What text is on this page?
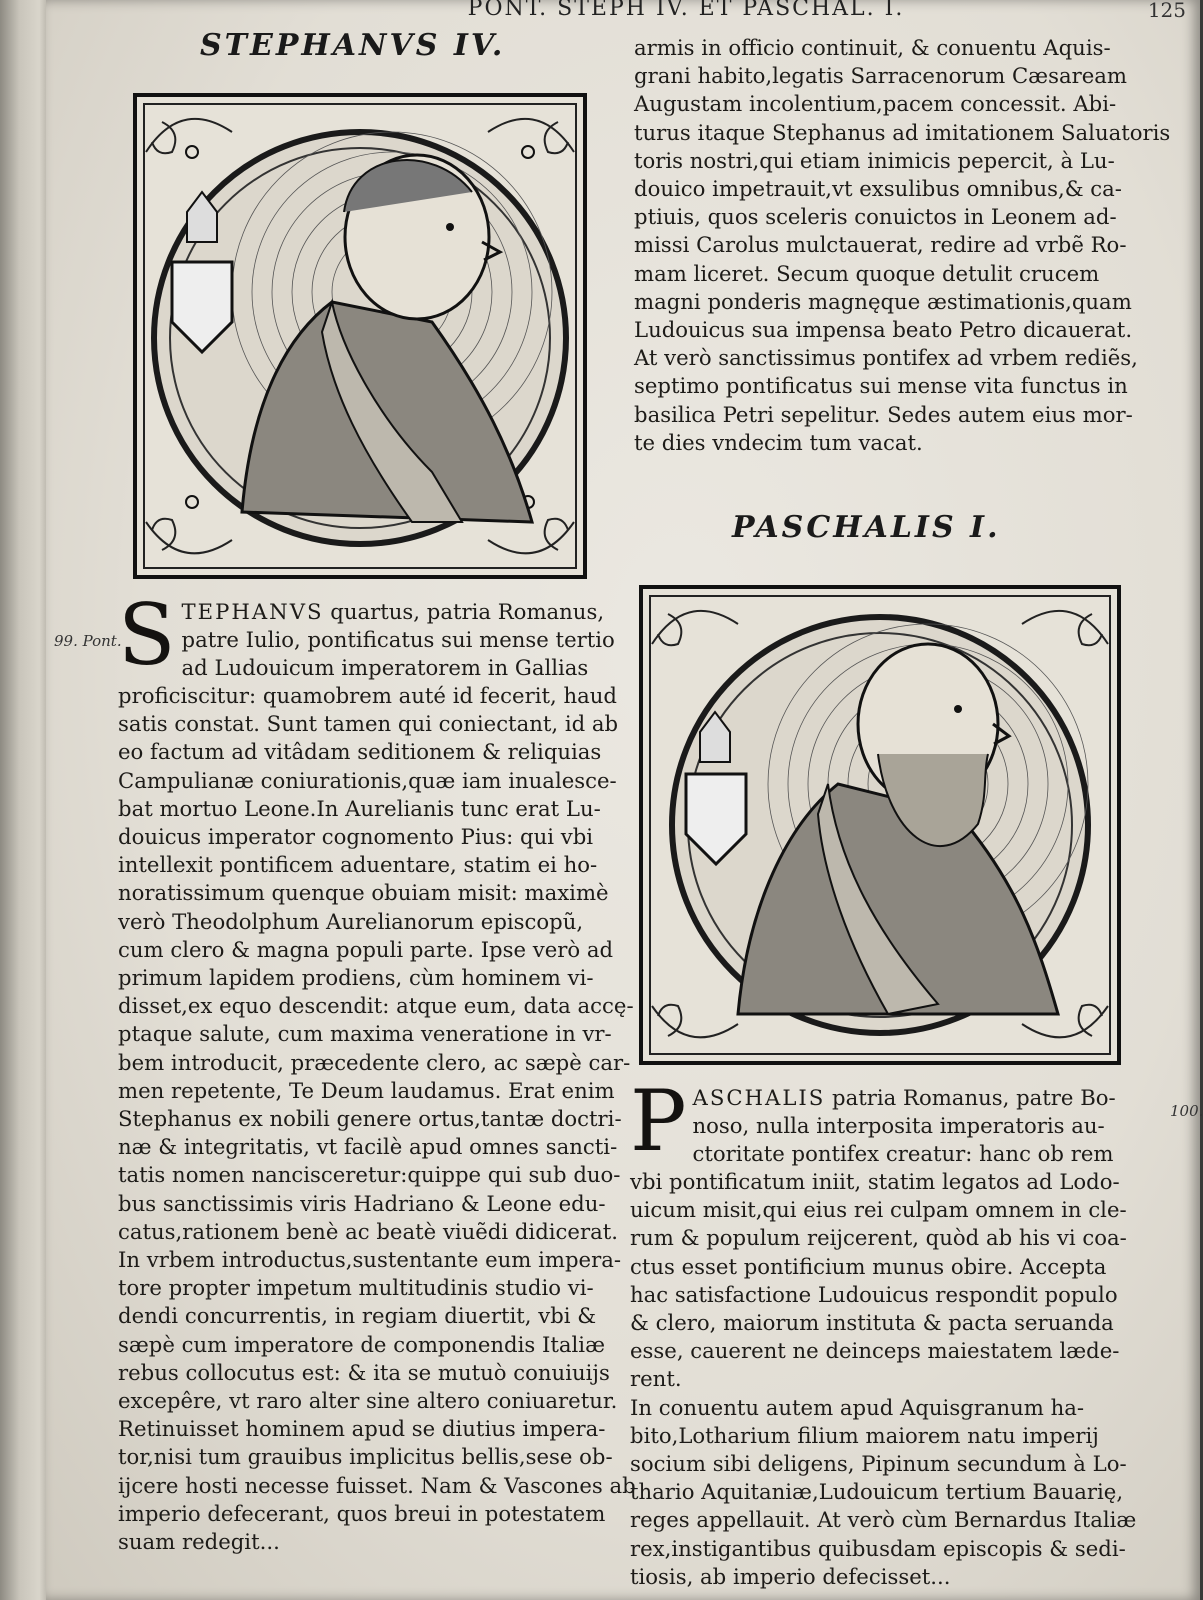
PONT. STEPH IV. ET PASCHAL. I.	125
STEPHANVS IV.
S TEPHANVS quartus, patria Romanus,
patre Iulio, pontificatus sui mense tertio
ad Ludouicum imperatorem in Gallias
proficiscitur: quamobrem auté id fecerit, haud
satis constat. Sunt tamen qui coniectant, id ab
eo factum ad vitâdam seditionem & reliquias
Campulianæ coniurationis,quæ iam inualesce-
bat mortuo Leone.In Aurelianis tunc erat Lu-
douicus imperator cognomento Pius: qui vbi
intellexit pontificem aduentare, statim ei ho-
noratissimum quenque obuiam misit: maximè
verò Theodolphum Aurelianorum episcopũ,
cum clero & magna populi parte. Ipse verò ad
primum lapidem prodiens, cùm hominem vi-
disset,ex equo descendit: atque eum, data accę-
ptaque salute, cum maxima veneratione in vr-
bem introducit, præcedente clero, ac sæpè car-
men repetente, Te Deum laudamus. Erat enim
Stephanus ex nobili genere ortus,tantæ doctri-
næ & integritatis, vt facilè apud omnes sancti-
tatis nomen nancisceretur:quippe qui sub duo-
bus sanctissimis viris Hadriano & Leone edu-
catus,rationem benè ac beatè viuẽdi didicerat.
In vrbem introductus,sustentante eum impera-
tore propter impetum multitudinis studio vi-
dendi concurrentis, in regiam diuertit, vbi &
sæpè cum imperatore de componendis Italiæ
rebus collocutus est: & ita se mutuò conuiuijs
excepêre, vt raro alter sine altero coniuaretur.
Retinuisset hominem apud se diutius impera-
tor,nisi tum grauibus implicitus bellis,sese ob-
ijcere hosti necesse fuisset. Nam & Vascones ab
imperio defecerant, quos breui in potestatem
suam redegit...
99. Pont.
armis in officio continuit, & conuentu Aquis-
grani habito,legatis Sarracenorum Cæsaream
Augustam incolentium,pacem concessit. Abi-
turus itaque Stephanus ad imitationem Saluatoris
toris nostri,qui etiam inimicis pepercit, à Lu-
douico impetrauit,vt exsulibus omnibus,& ca-
ptiuis, quos sceleris conuictos in Leonem ad-
missi Carolus mulctauerat, redire ad vrbẽ Ro-
mam liceret. Secum quoque detulit crucem
magni ponderis magnęque æstimationis,quam
Ludouicus sua impensa beato Petro dicauerat.
At verò sanctissimus pontifex ad vrbem rediẽs,
septimo pontificatus sui mense vita functus in
basilica Petri sepelitur. Sedes autem eius mor-
te dies vndecim tum vacat.
PASCHALIS I.
P ASCHALIS patria Romanus, patre Bo-
noso, nulla interposita imperatoris au-
ctoritate pontifex creatur: hanc ob rem
vbi pontificatum iniit, statim legatos ad Lodo-
uicum misit,qui eius rei culpam omnem in cle-
rum & populum reijcerent, quòd ab his vi coa-
ctus esset pontificium munus obire. Accepta
hac satisfactione Ludouicus respondit populo
& clero, maiorum instituta & pacta seruanda
esse, cauerent ne deinceps maiestatem læde-
rent.
In conuentu autem apud Aquisgranum ha-
bito,Lotharium filium maiorem natu imperij
socium sibi deligens, Pipinum secundum à Lo-
thario Aquitaniæ,Ludouicum tertium Bauarię,
reges appellauit. At verò cùm Bernardus Italiæ
rex,instigantibus quibusdam episcopis & sedi-
tiosis, ab imperio defecisset...
100.
